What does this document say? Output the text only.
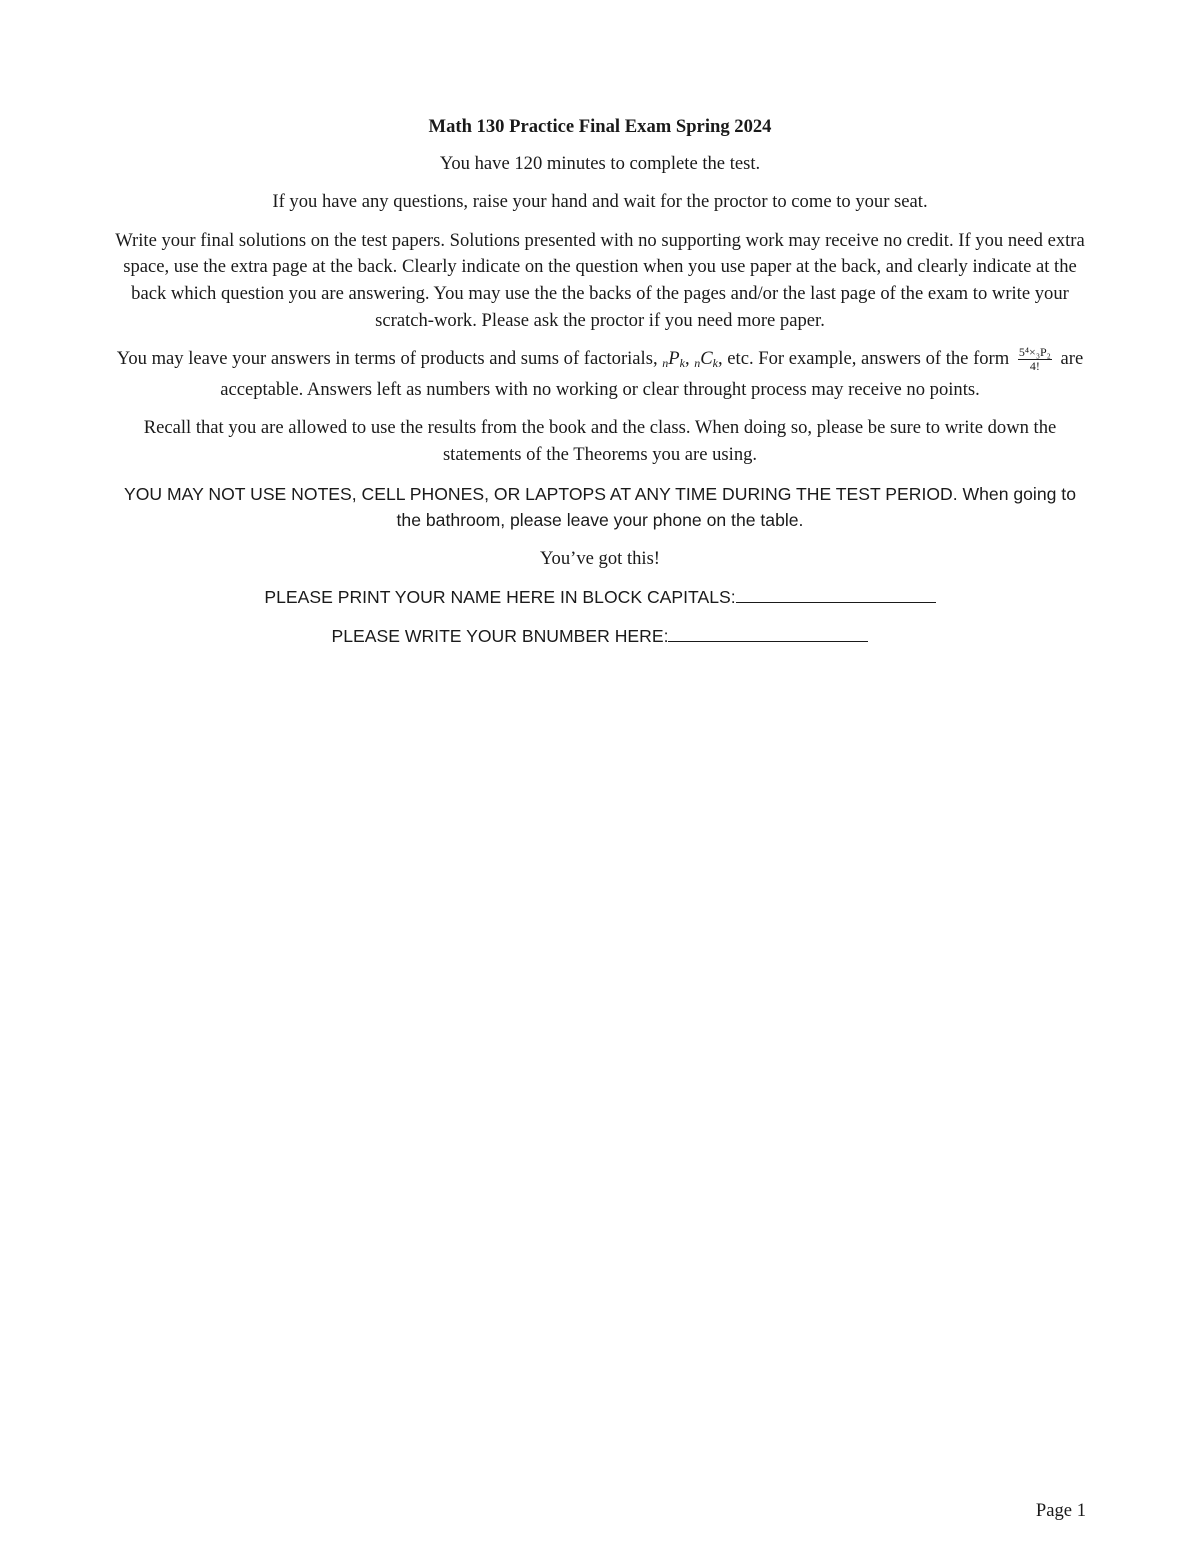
Math 130 Practice Final Exam Spring 2024
You have 120 minutes to complete the test.
If you have any questions, raise your hand and wait for the proctor to come to your seat.
Write your final solutions on the test papers. Solutions presented with no supporting work may receive no credit. If you need extra space, use the extra page at the back. Clearly indicate on the question when you use paper at the back, and clearly indicate at the back which question you are answering. You may use the the backs of the pages and/or the last page of the exam to write your scratch-work. Please ask the proctor if you need more paper.
You may leave your answers in terms of products and sums of factorials, $_nP_k$, $_nC_k$, etc. For example, answers of the form $\frac{\text{5⁴×₃P₂}}{4!}$ are acceptable. Answers left as numbers with no working or clear throught process may receive no points.
Recall that you are allowed to use the results from the book and the class. When doing so, please be sure to write down the statements of the Theorems you are using.
YOU MAY NOT USE NOTES, CELL PHONES, OR LAPTOPS AT ANY TIME DURING THE TEST PERIOD. When going to the bathroom, please leave your phone on the table.
You’ve got this!
PLEASE PRINT YOUR NAME HERE IN BLOCK CAPITALS:
PLEASE WRITE YOUR BNUMBER HERE:
Page 1
